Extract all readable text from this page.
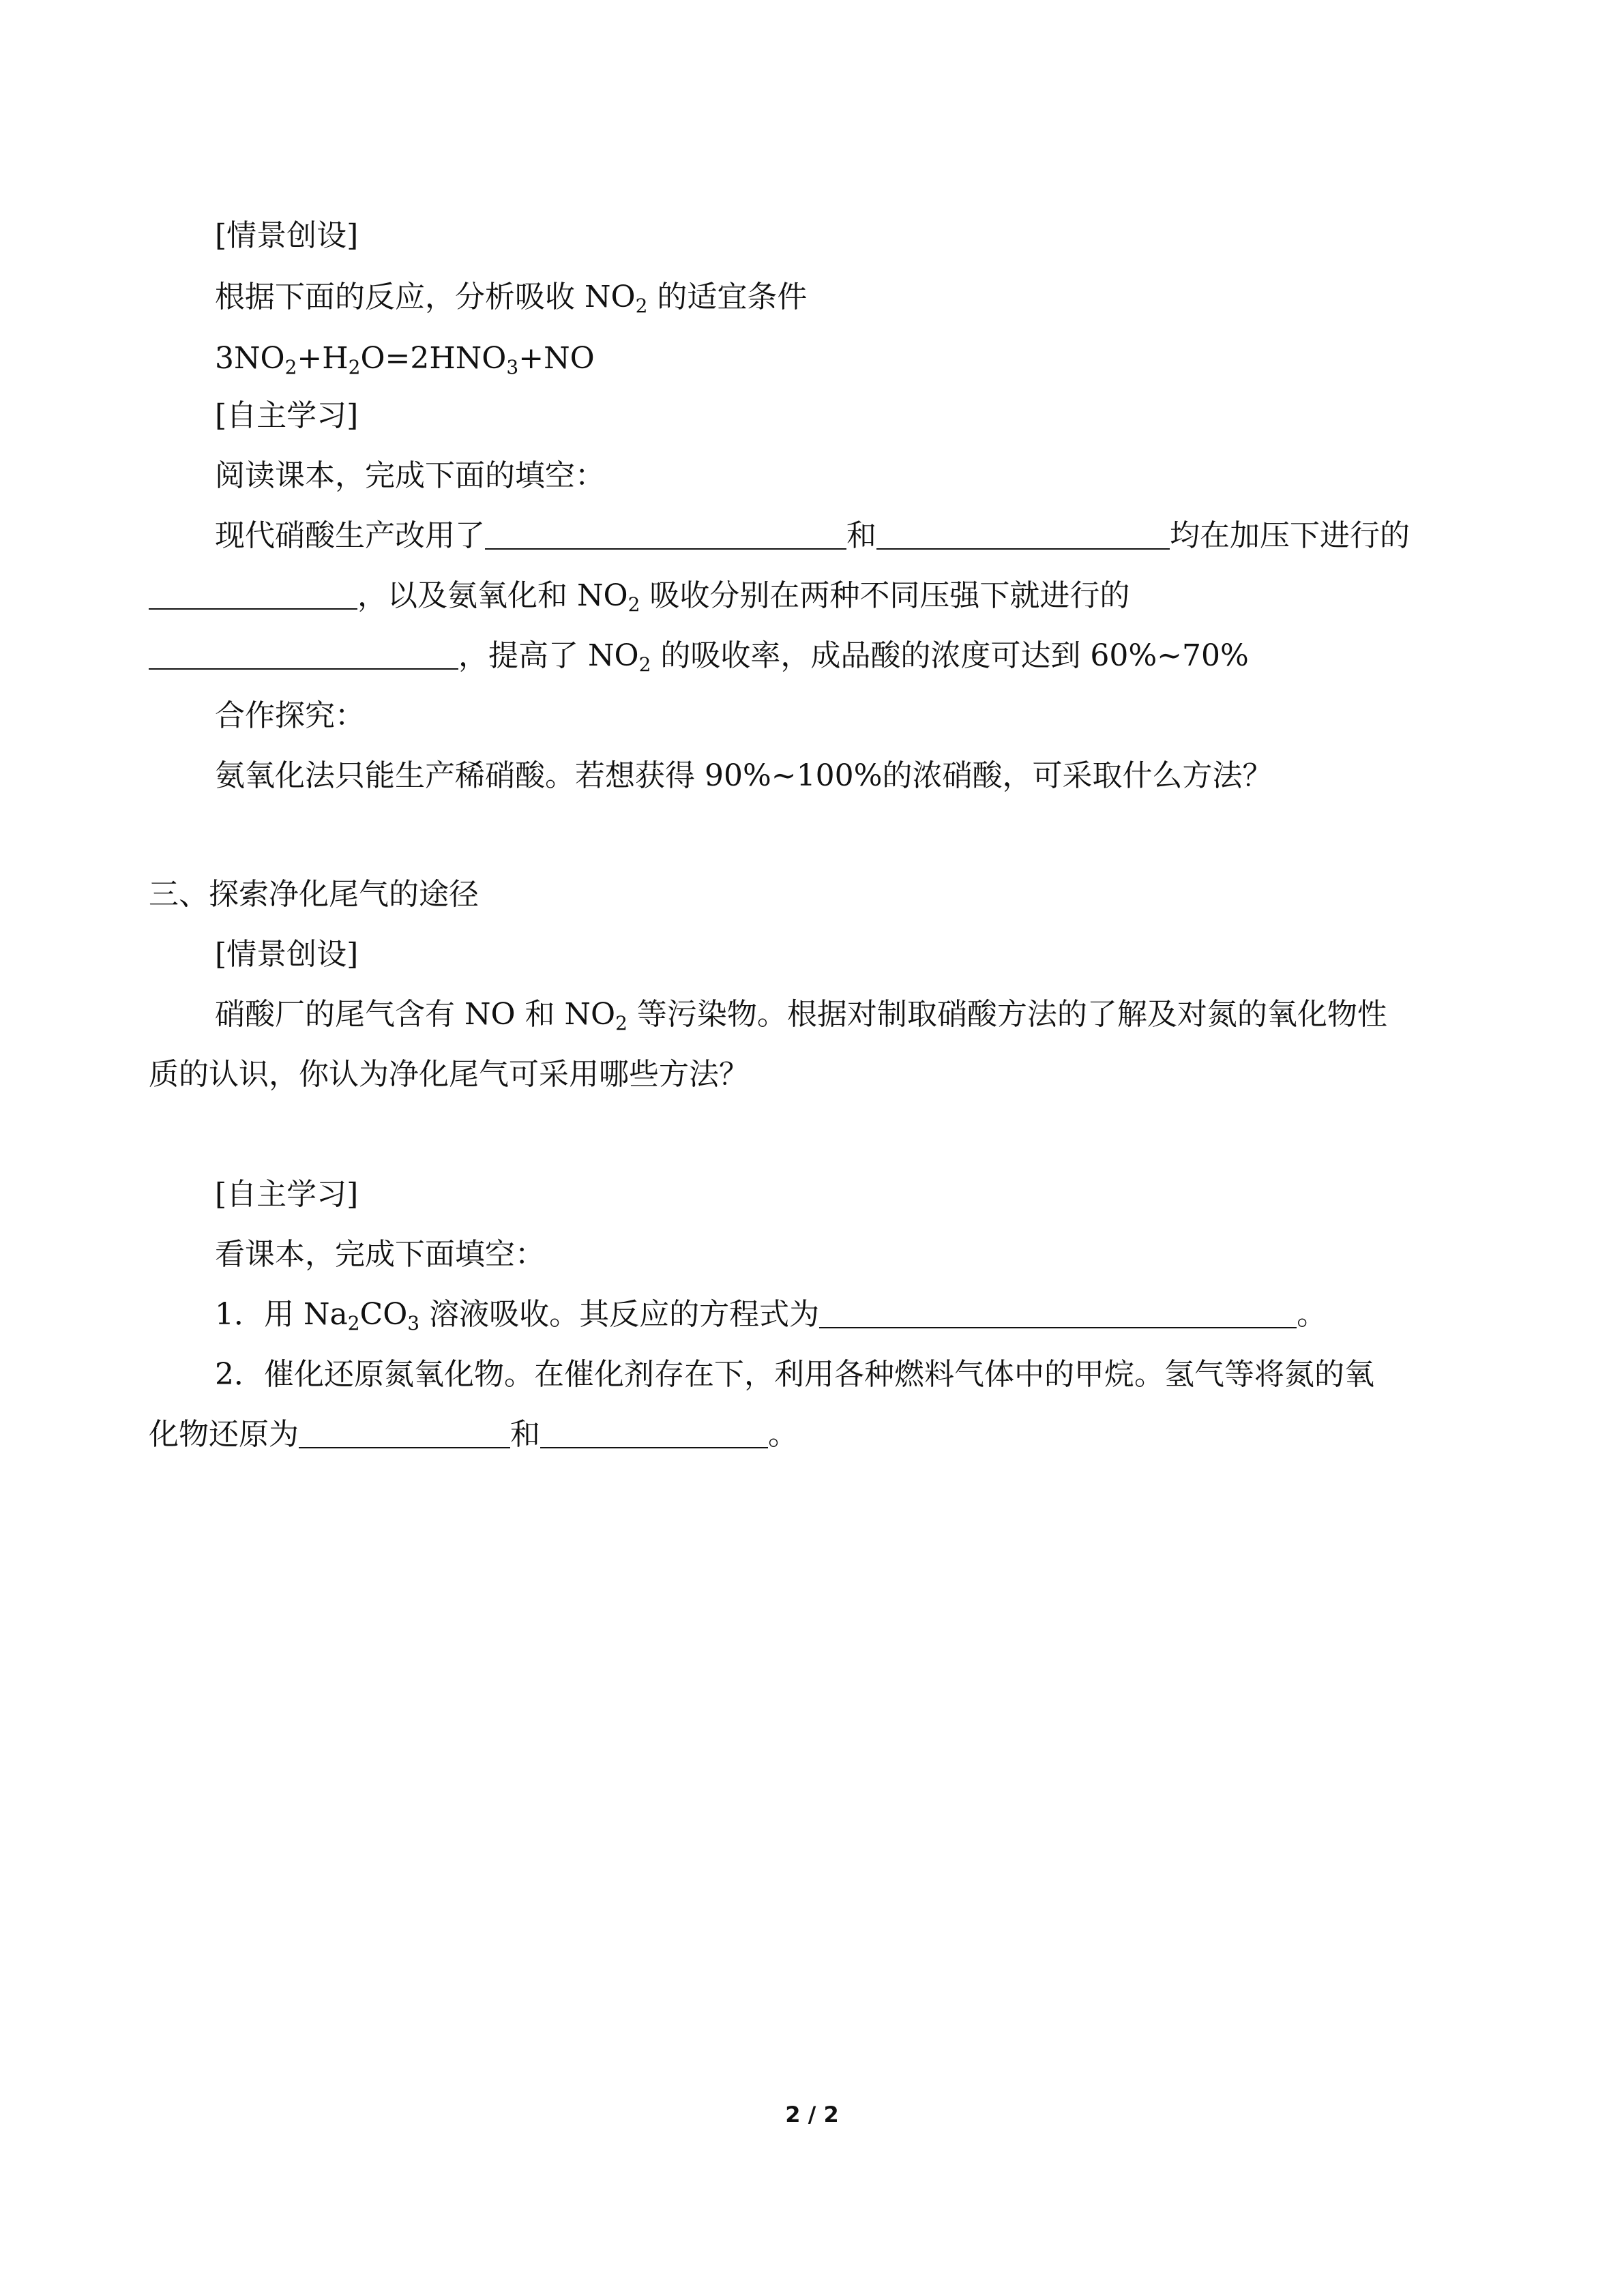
[情景创设]
根据下面的反应，分析吸收 $NO_2$ 的适宜条件
$3NO_2+H_2O=2HNO_3+NO$
[自主学习]
阅读课本，完成下面的填空：
现代硝酸生产改用了	和	均在加压下进行的
，以及氨氧化和 $NO_2$ 吸收分别在两种不同压强下就进行的
，提高了 $NO_2$ 的吸收率，成品酸的浓度可达到 60%~70%
合作探究：
氨氧化法只能生产稀硝酸。若想获得 90%~100%的浓硝酸，可采取什么方法？
三、探索净化尾气的途径
[情景创设]
硝酸厂的尾气含有 NO 和 $NO_2$ 等污染物。根据对制取硝酸方法的了解及对氮的氧化物性
质的认识，你认为净化尾气可采用哪些方法？
[自主学习]
看课本，完成下面填空：
1．用 $Na_2CO_3$ 溶液吸收。其反应的方程式为	。
2．催化还原氮氧化物。在催化剂存在下，利用各种燃料气体中的甲烷。氢气等将氮的氧
化物还原为	和	。
2 / 2
